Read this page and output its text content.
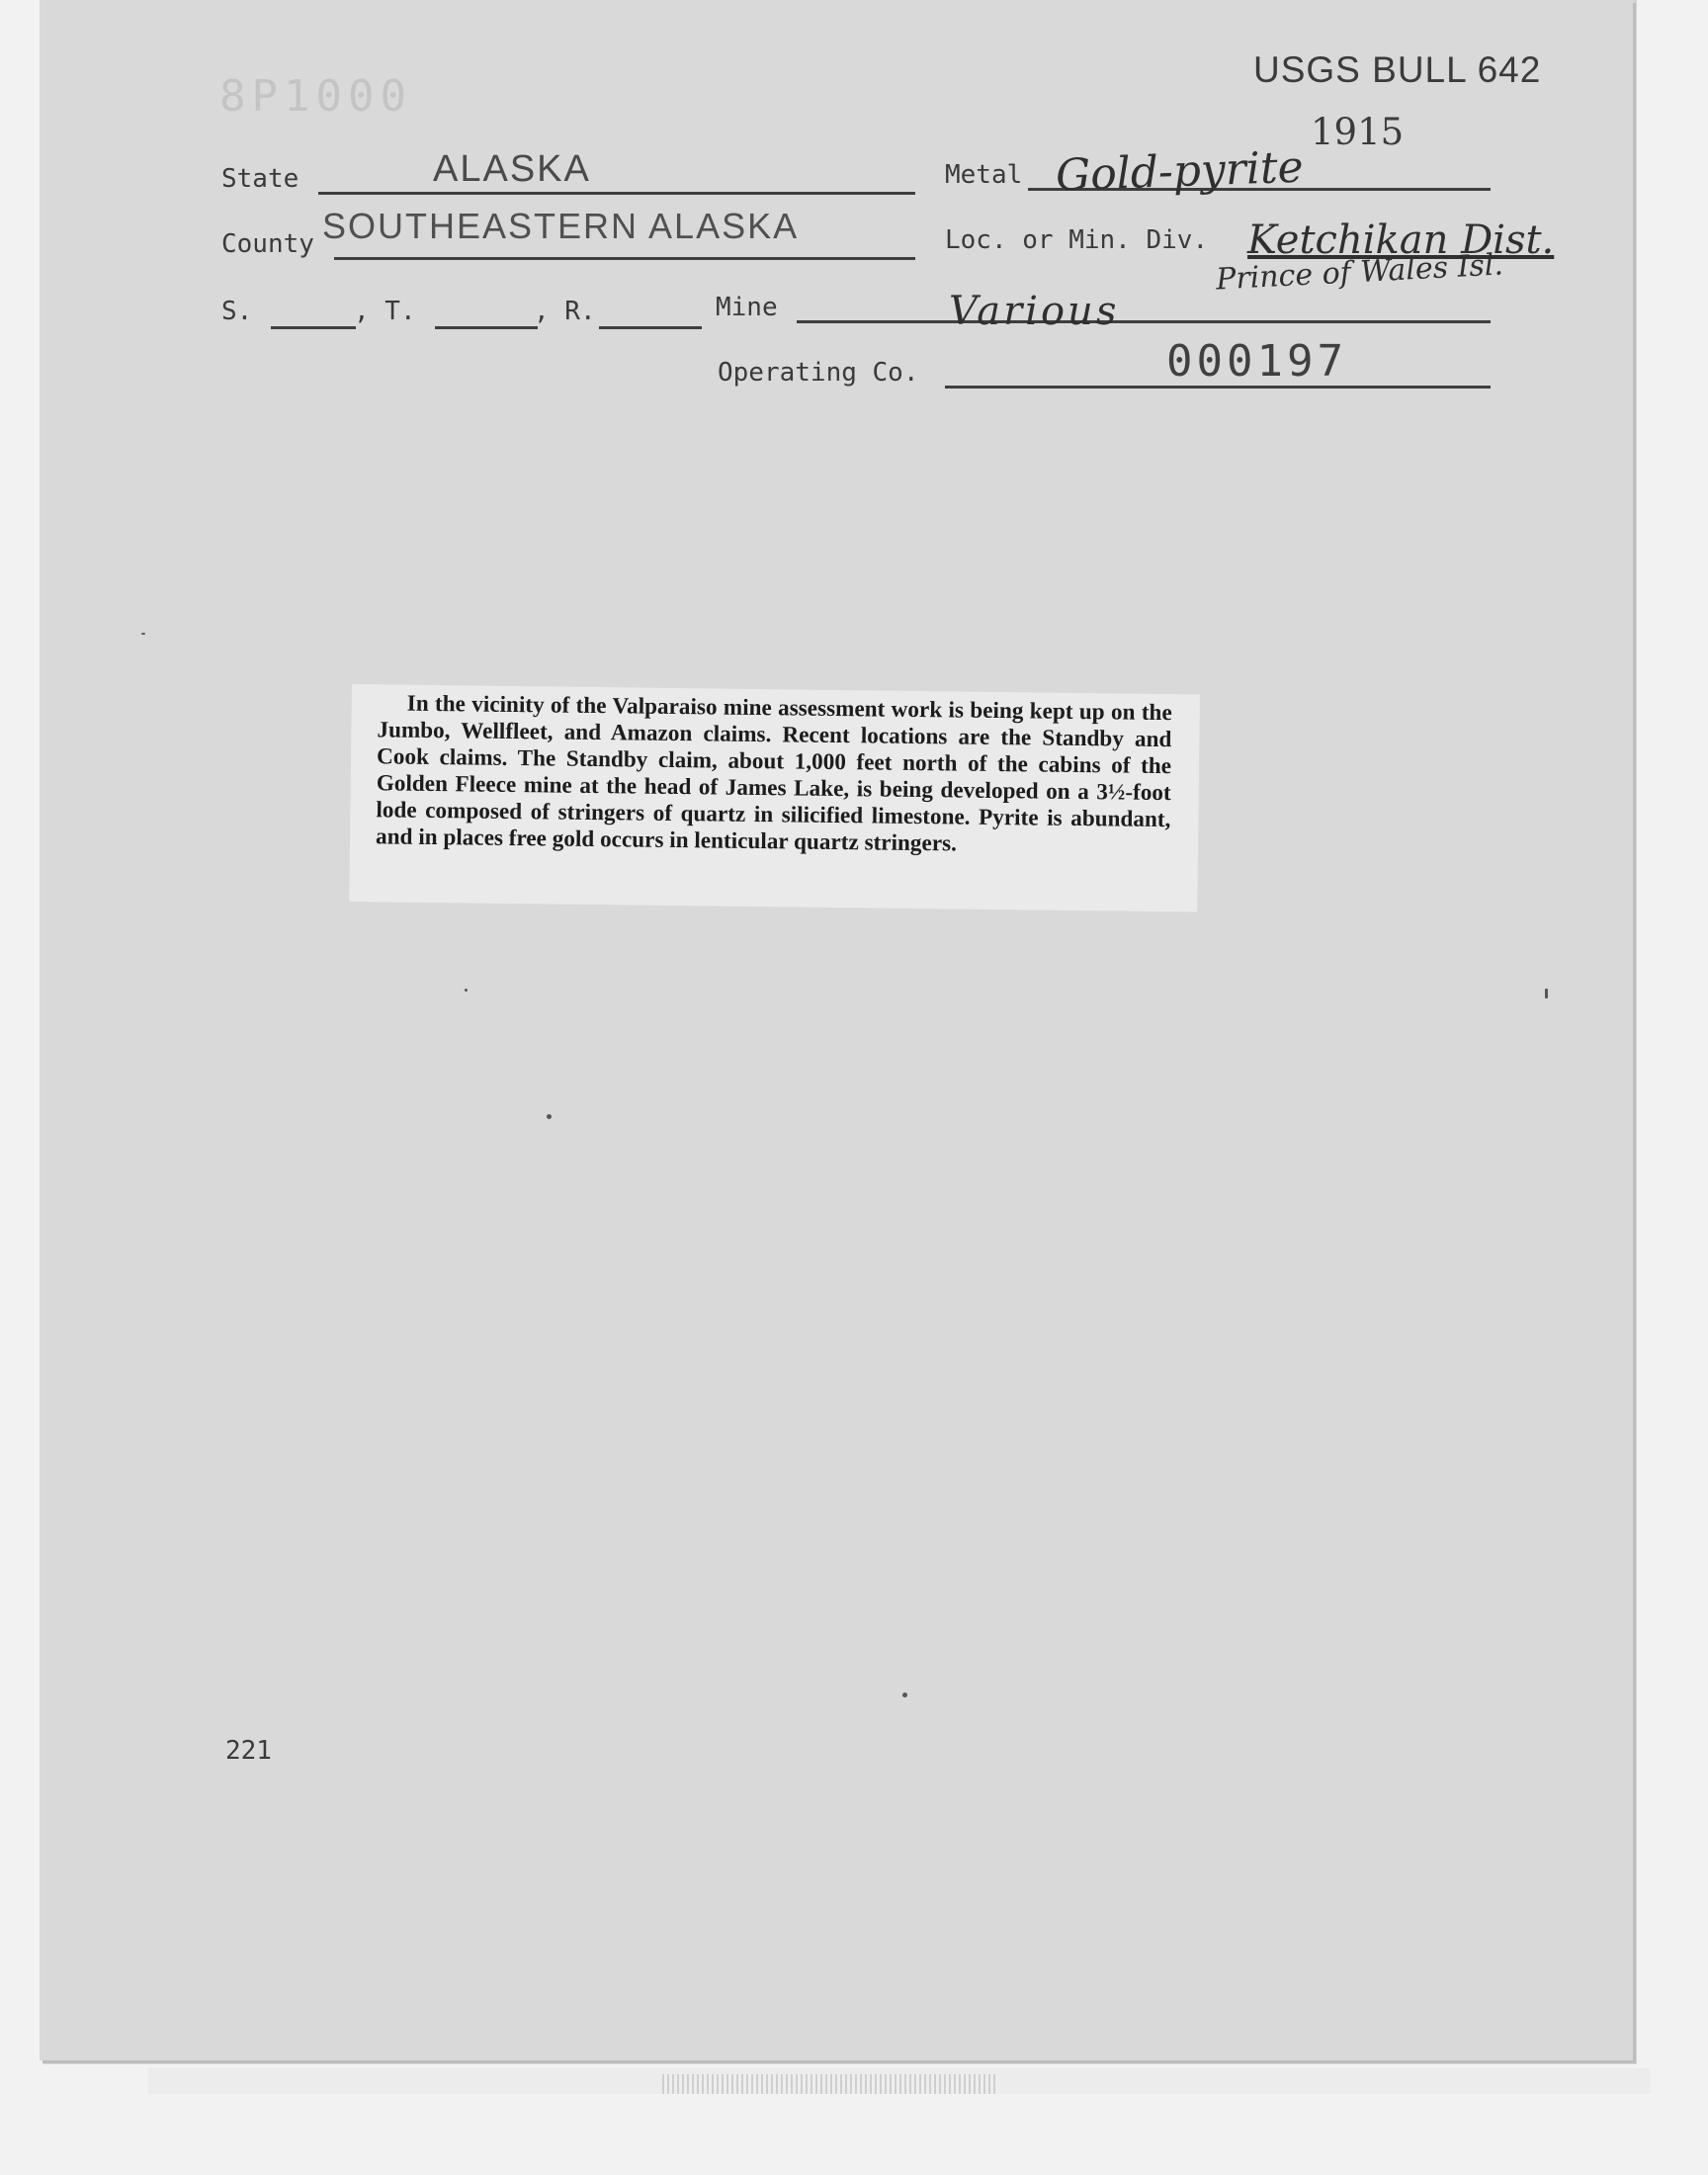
8P1000
USGS BULL 642
1915
State	ALASKA	Metal Gold-pyrite
County SOUTHEASTERN ALASKA	Loc. or Min. Div. Ketchikan Dist.
Prince of Wales Isl.
S.	, T.	, R.	Mine	Various
Operating Co.	000197

In the vicinity of the Valparaiso mine assessment work is being kept up on the Jumbo, Wellfleet, and Amazon claims. Recent locations are the Standby and Cook claims. The Standby claim, about 1,000 feet north of the cabins of the Golden Fleece mine at the head of James Lake, is being developed on a 3½-foot lode composed of stringers of quartz in silicified limestone. Pyrite is abundant, and in places free gold occurs in lenticular quartz stringers.

221
